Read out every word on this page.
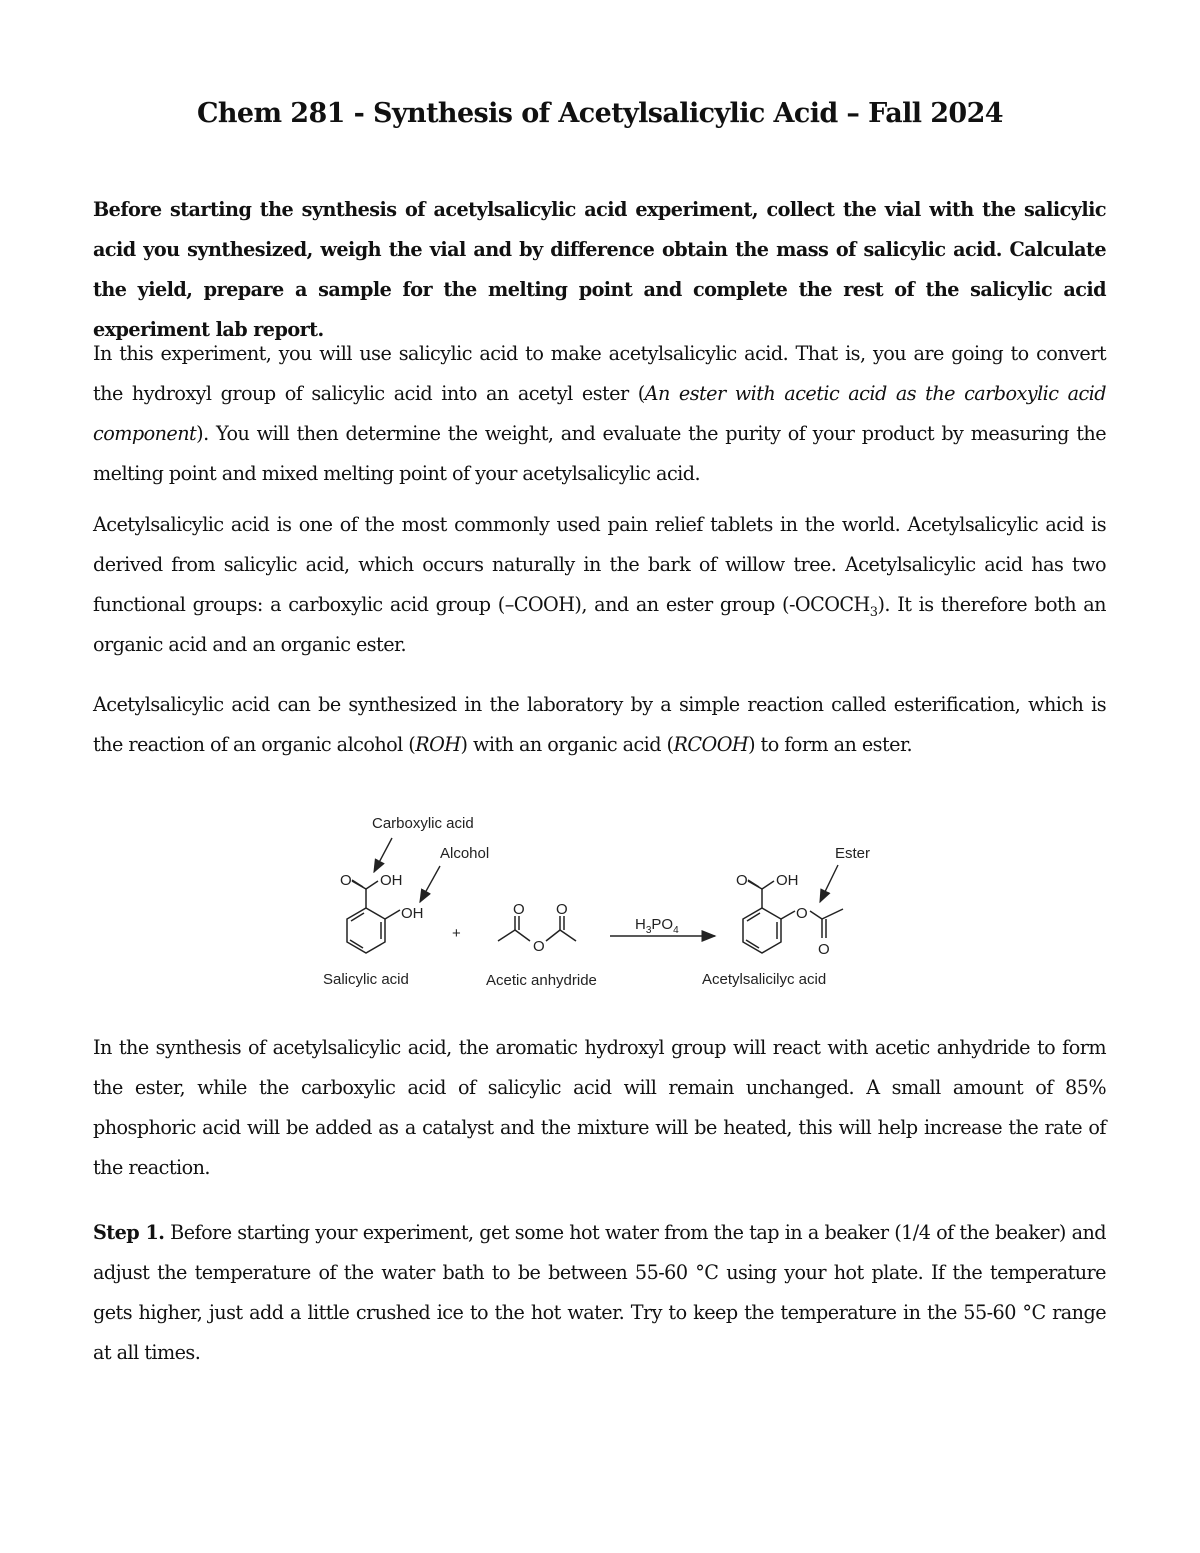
Chem 281 - Synthesis of Acetylsalicylic Acid – Fall 2024

Before starting the synthesis of acetylsalicylic acid experiment, collect the vial with the salicylic acid you synthesized, weigh the vial and by difference obtain the mass of salicylic acid. Calculate the yield, prepare a sample for the melting point and complete the rest of the salicylic acid experiment lab report.

In this experiment, you will use salicylic acid to make acetylsalicylic acid. That is, you are going to convert the hydroxyl group of salicylic acid into an acetyl ester (An ester with acetic acid as the carboxylic acid component). You will then determine the weight, and evaluate the purity of your product by measuring the melting point and mixed melting point of your acetylsalicylic acid.

Acetylsalicylic acid is one of the most commonly used pain relief tablets in the world. Acetylsalicylic acid is derived from salicylic acid, which occurs naturally in the bark of willow tree. Acetylsalicylic acid has two functional groups: a carboxylic acid group (–COOH), and an ester group $(-OCOCH_3)$. It is therefore both an organic acid and an organic ester.

Acetylsalicylic acid can be synthesized in the laboratory by a simple reaction called esterification, which is the reaction of an organic alcohol (ROH) with an organic acid (RCOOH) to form an ester.

Carboxylic acid
Alcohol	Ester
O OH
OH
+
O O
O
$H_3PO_4$
O OH
O
O
Salicylic acid	Acetic anhydride	Acetylsalicilyc acid

In the synthesis of acetylsalicylic acid, the aromatic hydroxyl group will react with acetic anhydride to form the ester, while the carboxylic acid of salicylic acid will remain unchanged. A small amount of 85% phosphoric acid will be added as a catalyst and the mixture will be heated, this will help increase the rate of the reaction.

Step 1. Before starting your experiment, get some hot water from the tap in a beaker (1/4 of the beaker) and adjust the temperature of the water bath to be between 55-60 °C using your hot plate. If the temperature gets higher, just add a little crushed ice to the hot water. Try to keep the temperature in the 55-60 °C range at all times.
